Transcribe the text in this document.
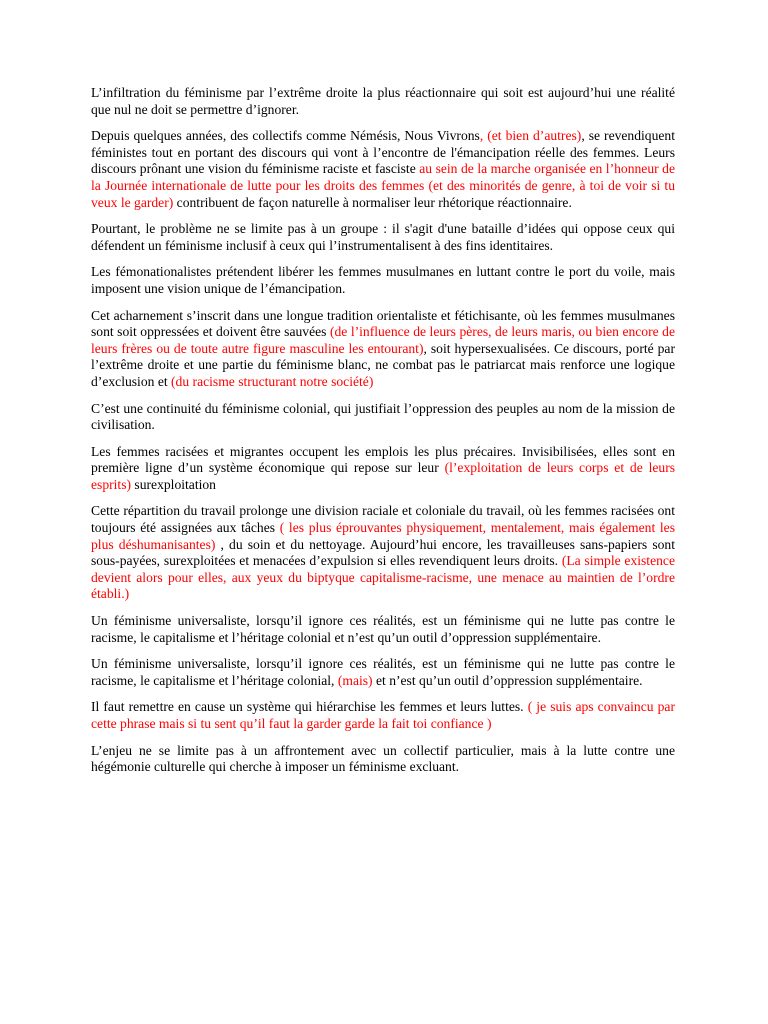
L’infiltration du féminisme par l’extrême droite la plus réactionnaire qui soit est aujourd’hui une réalité que nul ne doit se permettre d’ignorer.

Depuis quelques années, des collectifs comme Némésis, Nous Vivrons, (et bien d’autres), se revendiquent féministes tout en portant des discours qui vont à l’encontre de l'émancipation réelle des femmes. Leurs discours prônant une vision du féminisme raciste et fasciste au sein de la marche organisée en l’honneur de la Journée internationale de lutte pour les droits des femmes (et des minorités de genre, à toi de voir si tu veux le garder) contribuent de façon naturelle à normaliser leur rhétorique réactionnaire.

Pourtant, le problème ne se limite pas à un groupe : il s'agit d'une bataille d’idées qui oppose ceux qui défendent un féminisme inclusif à ceux qui l’instrumentalisent à des fins identitaires.

Les fémonationalistes prétendent libérer les femmes musulmanes en luttant contre le port du voile, mais imposent une vision unique de l’émancipation.

Cet acharnement s’inscrit dans une longue tradition orientaliste et fétichisante, où les femmes musulmanes sont soit oppressées et doivent être sauvées (de l’influence de leurs pères, de leurs maris, ou bien encore de leurs frères ou de toute autre figure masculine les entourant), soit hypersexualisées. Ce discours, porté par l’extrême droite et une partie du féminisme blanc, ne combat pas le patriarcat mais renforce une logique d’exclusion et (du racisme structurant notre société)

C’est une continuité du féminisme colonial, qui justifiait l’oppression des peuples au nom de la mission de civilisation.

Les femmes racisées et migrantes occupent les emplois les plus précaires. Invisibilisées, elles sont en première ligne d’un système économique qui repose sur leur (l’exploitation de leurs corps et de leurs esprits) surexploitation

Cette répartition du travail prolonge une division raciale et coloniale du travail, où les femmes racisées ont toujours été assignées aux tâches ( les plus éprouvantes physiquement, mentalement, mais également les plus déshumanisantes) , du soin et du nettoyage. Aujourd’hui encore, les travailleuses sans-papiers sont sous-payées, surexploitées et menacées d’expulsion si elles revendiquent leurs droits. (La simple existence devient alors pour elles, aux yeux du biptyque capitalisme-racisme, une menace au maintien de l’ordre établi.)

Un féminisme universaliste, lorsqu’il ignore ces réalités, est un féminisme qui ne lutte pas contre le racisme, le capitalisme et l’héritage colonial et n’est qu’un outil d’oppression supplémentaire.

Un féminisme universaliste, lorsqu’il ignore ces réalités, est un féminisme qui ne lutte pas contre le racisme, le capitalisme et l’héritage colonial, (mais) et n’est qu’un outil d’oppression supplémentaire.

Il faut remettre en cause un système qui hiérarchise les femmes et leurs luttes. ( je suis aps convaincu par cette phrase mais si tu sent qu’il faut la garder garde la fait toi confiance )

L’enjeu ne se limite pas à un affrontement avec un collectif particulier, mais à la lutte contre une hégémonie culturelle qui cherche à imposer un féminisme excluant.
